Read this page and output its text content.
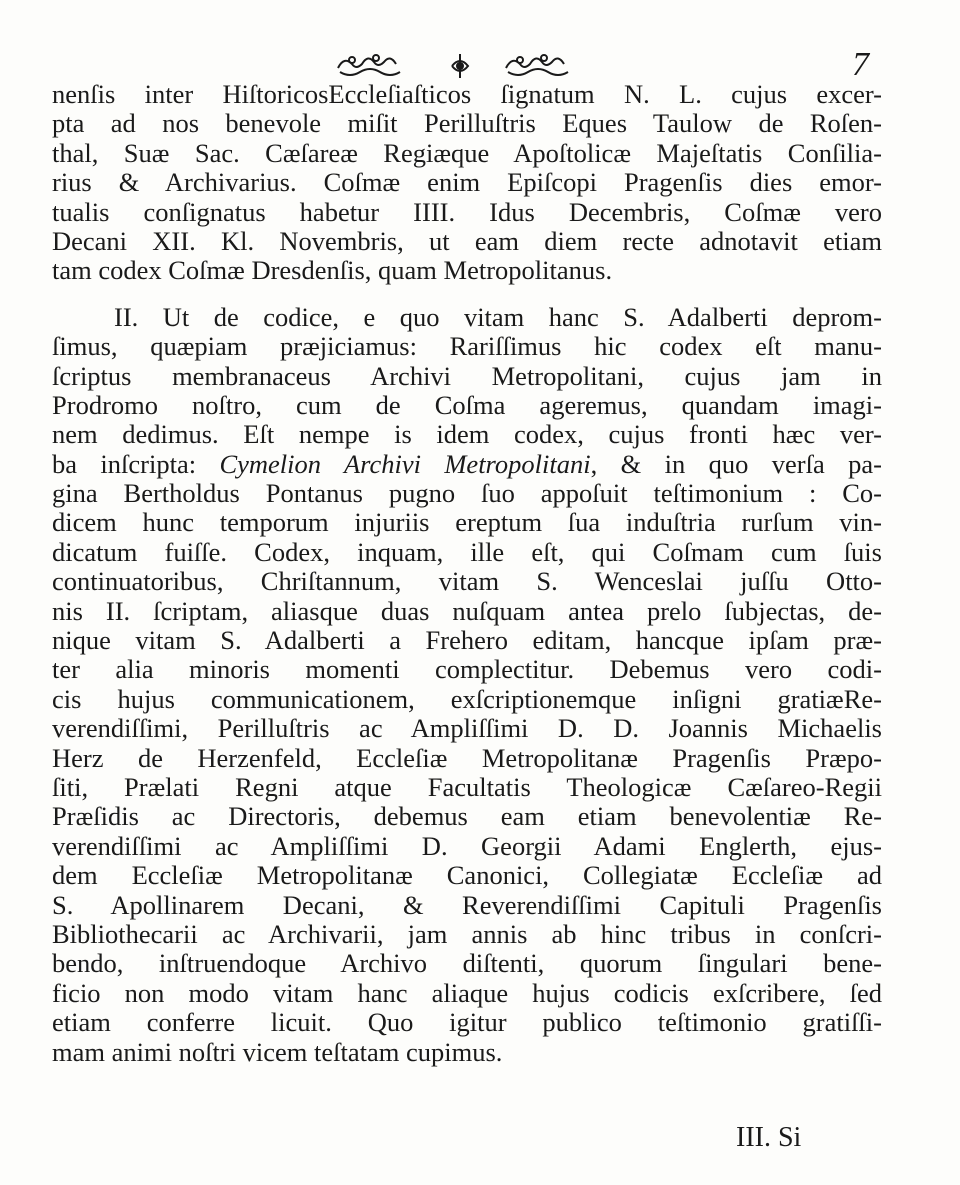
7
nenſis inter HiſtoricosEccleſiaſticos ſignatum N. L. cujus excer-
pta ad nos benevole miſit Perilluſtris Eques Taulow de Roſen-
thal, Suæ Sac. Cæſareæ Regiæque Apoſtolicæ Majeſtatis Conſilia-
rius & Archivarius. Coſmæ enim Epiſcopi Pragenſis dies emor-
tualis conſignatus habetur IIII. Idus Decembris, Coſmæ vero
Decani XII. Kl. Novembris, ut eam diem recte adnotavit etiam
tam codex Coſmæ Dresdenſis, quam Metropolitanus.
II. Ut de codice, e quo vitam hanc S. Adalberti deprom-
ſimus, quæpiam præjiciamus: Rariſſimus hic codex eſt manu-
ſcriptus membranaceus Archivi Metropolitani, cujus jam in
Prodromo noſtro, cum de Coſma ageremus, quandam imagi-
nem dedimus. Eſt nempe is idem codex, cujus fronti hæc ver-
ba inſcripta: Cymelion Archivi Metropolitani, & in quo verſa pa-
gina Bertholdus Pontanus pugno ſuo appoſuit teſtimonium : Co-
dicem hunc temporum injuriis ereptum ſua induſtria rurſum vin-
dicatum fuiſſe. Codex, inquam, ille eſt, qui Coſmam cum ſuis
continuatoribus, Chriſtannum, vitam S. Wenceslai juſſu Otto-
nis II. ſcriptam, aliasque duas nuſquam antea prelo ſubjectas, de-
nique vitam S. Adalberti a Frehero editam, hancque ipſam præ-
ter alia minoris momenti complectitur. Debemus vero codi-
cis hujus communicationem, exſcriptionemque inſigni gratiæRe-
verendiſſimi, Perilluſtris ac Ampliſſimi D. D. Joannis Michaelis
Herz de Herzenfeld, Eccleſiæ Metropolitanæ Pragenſis Præpo-
ſiti, Prælati Regni atque Facultatis Theologicæ Cæſareo-Regii
Præſidis ac Directoris, debemus eam etiam benevolentiæ Re-
verendiſſimi ac Ampliſſimi D. Georgii Adami Englerth, ejus-
dem Eccleſiæ Metropolitanæ Canonici, Collegiatæ Eccleſiæ ad
S. Apollinarem Decani, & Reverendiſſimi Capituli Pragenſis
Bibliothecarii ac Archivarii, jam annis ab hinc tribus in conſcri-
bendo, inſtruendoque Archivo diſtenti, quorum ſingulari bene-
ficio non modo vitam hanc aliaque hujus codicis exſcribere, ſed
etiam conferre licuit. Quo igitur publico teſtimonio gratiſſi-
mam animi noſtri vicem teſtatam cupimus.
III. Si
